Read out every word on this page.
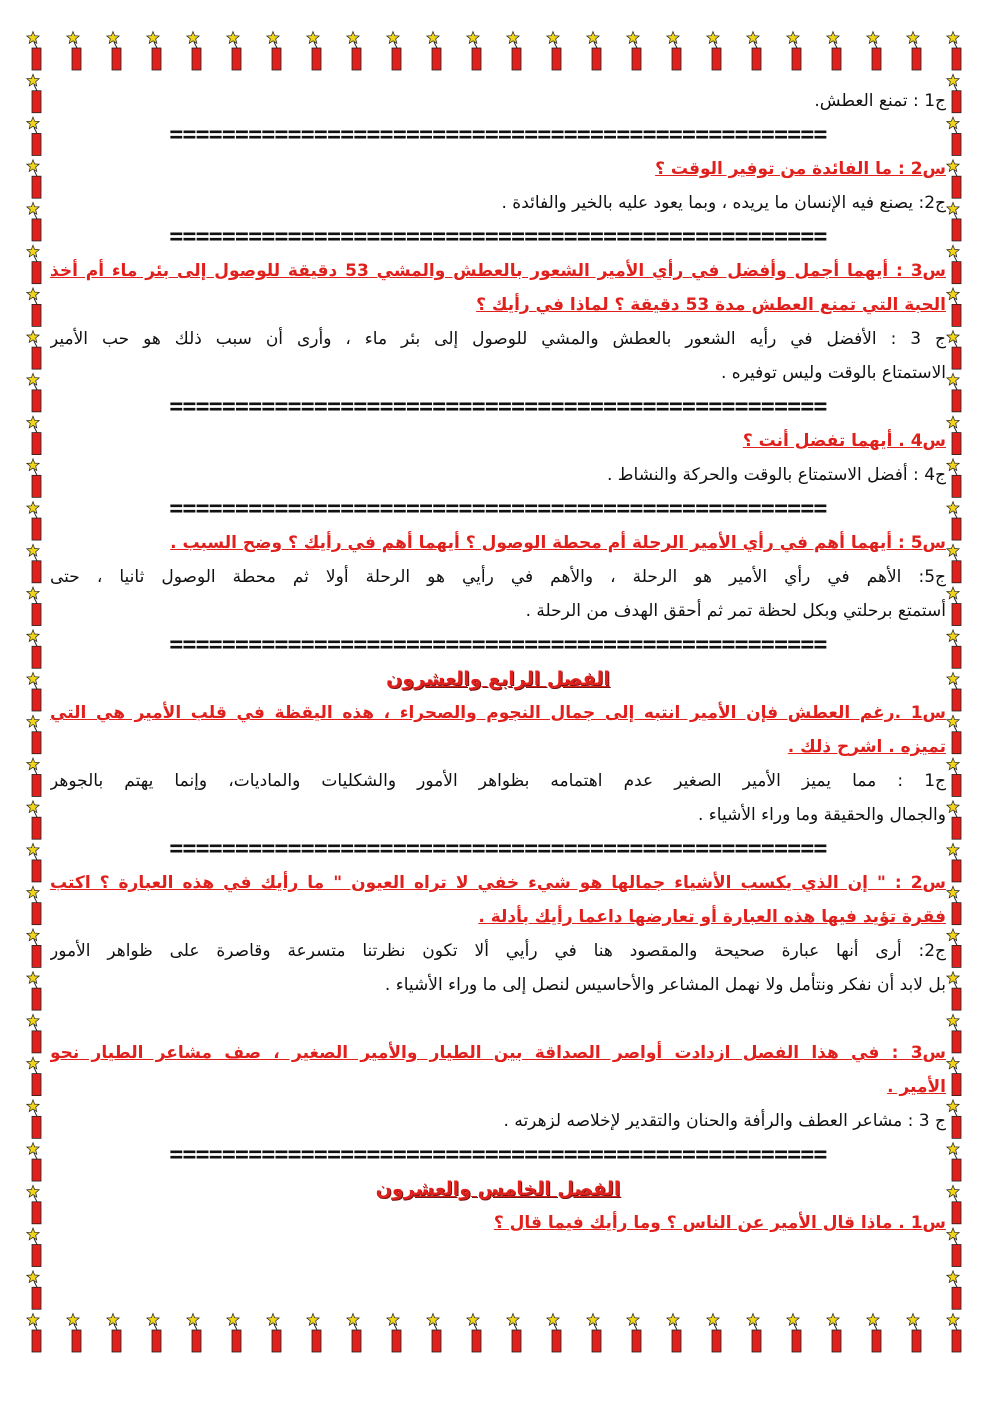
ج1 : تمنع العطش.
==================================================
س2 : ما الفائدة من توفير الوقت ؟
ج2: يصنع فيه الإنسان ما يريده ، وبما يعود عليه بالخير والفائدة .
==================================================
س3 : أيهما أجمل وأفضل في رأي الأمير الشعور بالعطش والمشي 53 دقيقة للوصول إلى بئر ماء أم أخذ
الحبة التي تمنع العطش مدة 53 دقيقة ؟ لماذا في رأيك ؟
ج 3 : الأفضل في رأيه الشعور بالعطش والمشي للوصول إلى بئر ماء ، وأرى أن سبب ذلك هو حب الأمير
الاستمتاع بالوقت وليس توفيره .
==================================================
س4 . أيهما تفضل أنت ؟
ج4 : أفضل الاستمتاع بالوقت والحركة والنشاط .
==================================================
س5 : أيهما أهم في رأي الأمير الرحلة أم محطة الوصول ؟ أيهما أهم في رأيك ؟ وضح السبب .
ج5: الأهم في رأي الأمير هو الرحلة ، والأهم في رأيي هو الرحلة أولا ثم محطة الوصول ثانيا ، حتى
أستمتع برحلتي وبكل لحظة تمر ثم أحقق الهدف من الرحلة .
==================================================
الفصل الرابع والعشرون
س1 .رغم العطش فإن الأمير انتبه إلى جمال النجوم والصحراء ، هذه اليقظة في قلب الأمير هي التي
تميزه . اشرح ذلك .
ج1 : مما يميز الأمير الصغير عدم اهتمامه بظواهر الأمور والشكليات والماديات، وإنما يهتم بالجوهر
والجمال والحقيقة وما وراء الأشياء .
==================================================
س2 : " إن الذي يكسب الأشياء جمالها هو شيء خفي لا تراه العيون " ما رأيك في هذه العبارة ؟ اكتب
فقرة تؤيد فيها هذه العبارة أو تعارضها داعما رأيك بأدلة .
ج2: أرى أنها عبارة صحيحة والمقصود هنا في رأيي ألا تكون نظرتنا متسرعة وقاصرة على ظواهر الأمور
بل لابد أن نفكر ونتأمل ولا نهمل المشاعر والأحاسيس لنصل إلى ما وراء الأشياء .
س3 : في هذا الفصل ازدادت أواصر الصداقة بين الطيار والأمير الصغير ، صف مشاعر الطيار نحو
الأمير .
ج 3 : مشاعر العطف والرأفة والحنان والتقدير لإخلاصه لزهرته .
==================================================
الفصل الخامس والعشرون
س1 . ماذا قال الأمير عن الناس ؟ وما رأيك فيما قال ؟
